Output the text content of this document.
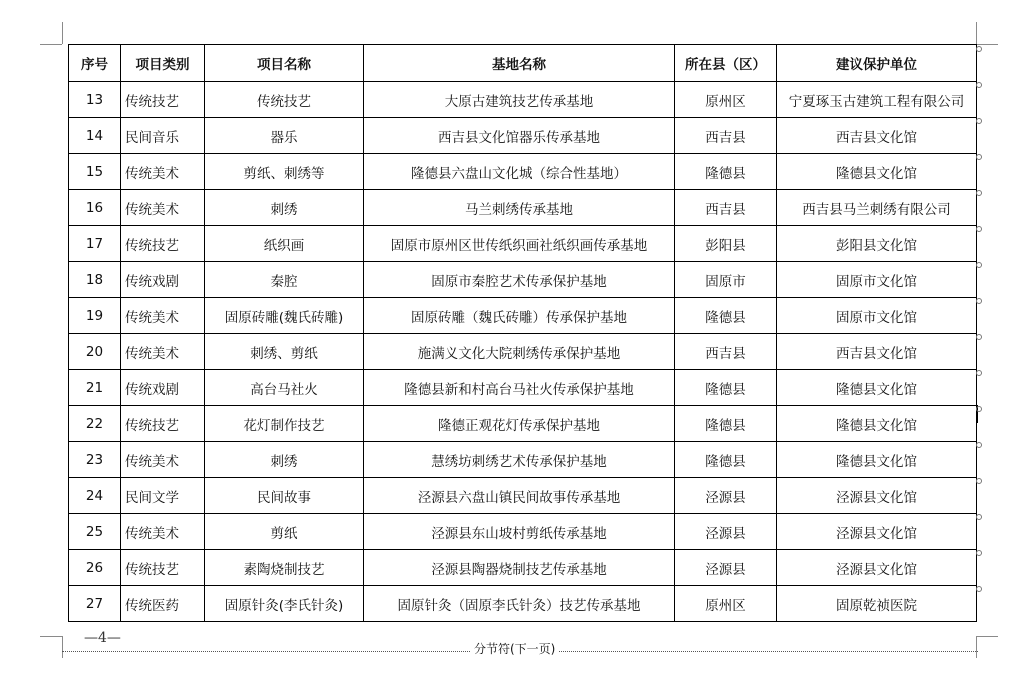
序号	项目类别	项目名称	基地名称	所在县（区）	建议保护单位
13	传统技艺	传统技艺	大原古建筑技艺传承基地	原州区	宁夏琢玉古建筑工程有限公司
14	民间音乐	器乐	西吉县文化馆器乐传承基地	西吉县	西吉县文化馆
15	传统美术	剪纸、刺绣等	隆德县六盘山文化城（综合性基地）	隆德县	隆德县文化馆
16	传统美术	刺绣	马兰刺绣传承基地	西吉县	西吉县马兰刺绣有限公司
17	传统技艺	纸织画	固原市原州区世传纸织画社纸织画传承基地	彭阳县	彭阳县文化馆
18	传统戏剧	秦腔	固原市秦腔艺术传承保护基地	固原市	固原市文化馆
19	传统美术	固原砖雕(魏氏砖雕)	固原砖雕（魏氏砖雕）传承保护基地	隆德县	固原市文化馆
20	传统美术	刺绣、剪纸	施满义文化大院刺绣传承保护基地	西吉县	西吉县文化馆
21	传统戏剧	高台马社火	隆德县新和村高台马社火传承保护基地	隆德县	隆德县文化馆
22	传统技艺	花灯制作技艺	隆德正观花灯传承保护基地	隆德县	隆德县文化馆
23	传统美术	刺绣	慧绣坊刺绣艺术传承保护基地	隆德县	隆德县文化馆
24	民间文学	民间故事	泾源县六盘山镇民间故事传承基地	泾源县	泾源县文化馆
25	传统美术	剪纸	泾源县东山坡村剪纸传承基地	泾源县	泾源县文化馆
26	传统技艺	素陶烧制技艺	泾源县陶器烧制技艺传承基地	泾源县	泾源县文化馆
27	传统医药	固原针灸(李氏针灸)	固原针灸（固原李氏针灸）技艺传承基地	原州区	固原乾祯医院
—4—
分节符(下一页)
